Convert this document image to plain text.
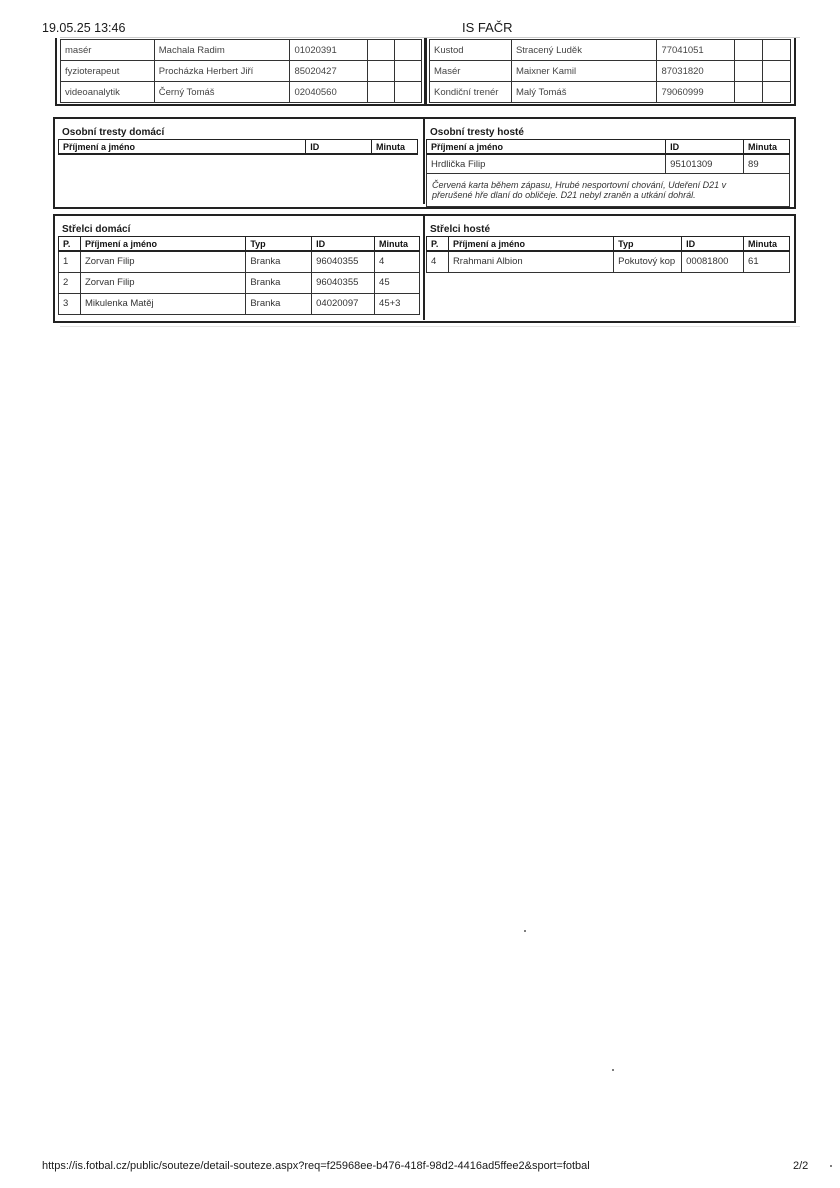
19.05.25 13:46	IS FAČR
masér	Machala Radim	01020391		
fyzioterapeut	Procházka Herbert Jiří	85020427		
videoanalytik	Černý Tomáš	02040560		
Kustod	Stracený Luděk	77041051		
Masér	Maixner Kamil	87031820		
Kondiční trenér	Malý Tomáš	79060999		
Osobní tresty domácí
Příjmení a jméno	ID	Minuta
Osobní tresty hosté
Příjmení a jméno	ID	Minuta
Hrdlička Filip	95101309	89

Červená karta během zápasu, Hrubé nesportovní chování, Udeření D21 v
přerušené hře dlaní do obličeje. D21 nebyl zraněn a utkání dohrál.		
Střelci domácí
P.	Příjmení a jméno	Typ	ID	Minuta
1	Zorvan Filip	Branka	96040355	4
2	Zorvan Filip	Branka	96040355	45
3	Mikulenka Matěj	Branka	04020097	45+3
Střelci hosté
P.	Příjmení a jméno	Typ	ID	Minuta
4	Rrahmani Albion	Pokutový kop	00081800	61
https://is.fotbal.cz/public/souteze/detail-souteze.aspx?req=f25968ee-b476-418f-98d2-4416ad5ffee2&sport=fotbal	2/2
